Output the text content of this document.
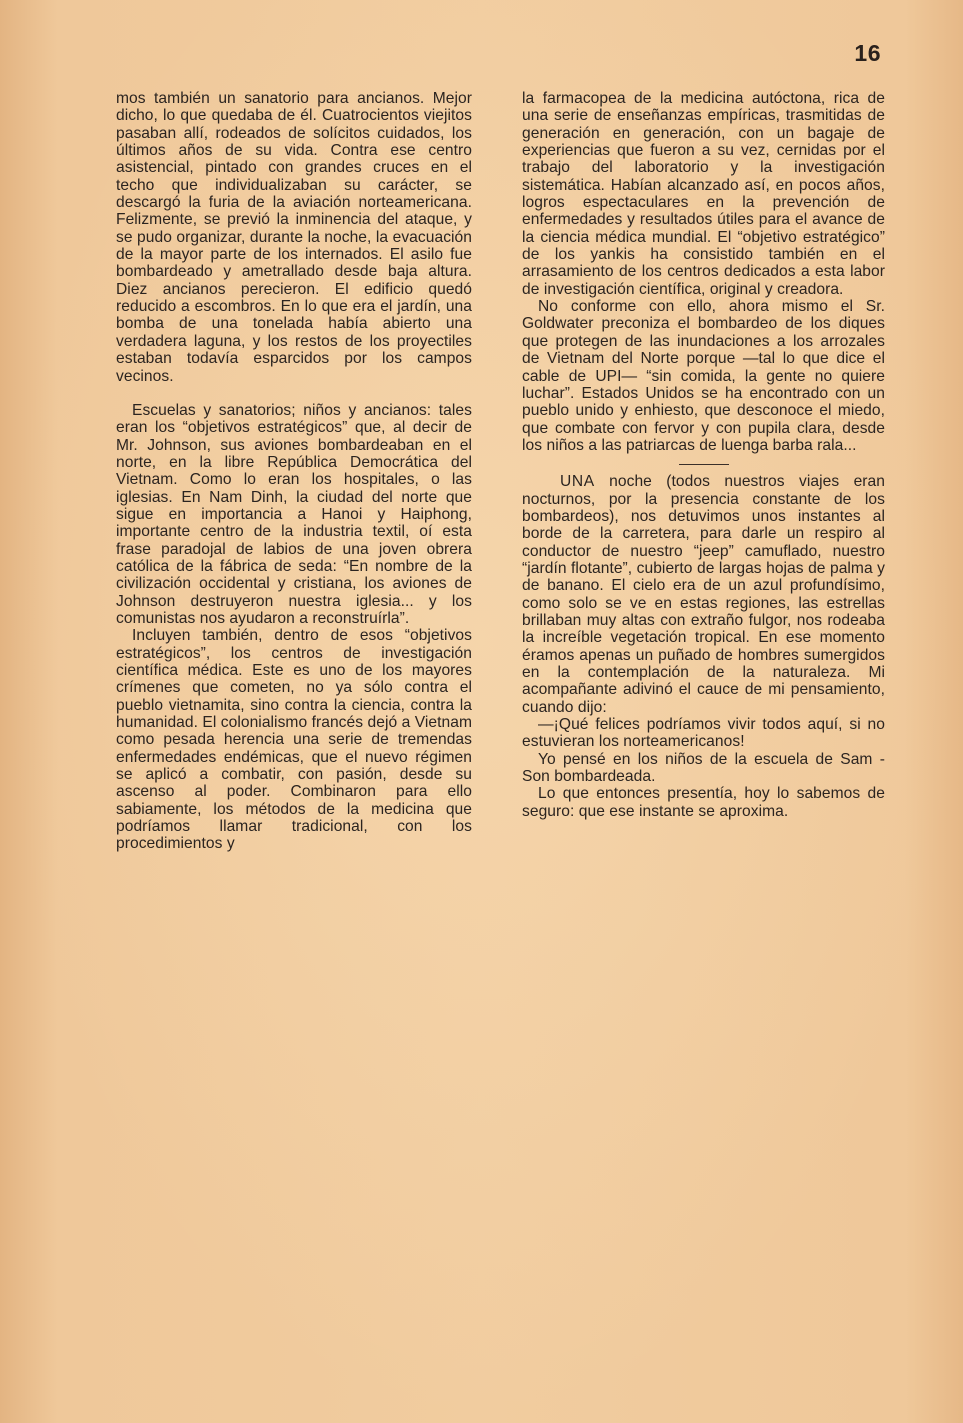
16

mos también un sanatorio para ancianos. Mejor dicho, lo que quedaba de él. Cuatrocientos viejitos pasaban allí, rodeados de solícitos cuidados, los últimos años de su vida. Contra ese centro asistencial, pintado con grandes cruces en el techo que individualizaban su carácter, se descargó la furia de la aviación norteamericana. Felizmente, se previó la inminencia del ataque, y se pudo organizar, durante la noche, la evacuación de la mayor parte de los internados. El asilo fue bombardeado y ametrallado desde baja altura. Diez ancianos perecieron. El edificio quedó reducido a escombros. En lo que era el jardín, una bomba de una tonelada había abierto una verdadera laguna, y los restos de los proyectiles estaban todavía esparcidos por los campos vecinos.

Escuelas y sanatorios; niños y ancianos: tales eran los “objetivos estratégicos” que, al decir de Mr. Johnson, sus aviones bombardeaban en el norte, en la libre República Democrática del Vietnam. Como lo eran los hospitales, o las iglesias. En Nam Dinh, la ciudad del norte que sigue en importancia a Hanoi y Haiphong, importante centro de la industria textil, oí esta frase paradojal de labios de una joven obrera católica de la fábrica de seda: “En nombre de la civilización occidental y cristiana, los aviones de Johnson destruyeron nuestra iglesia... y los comunistas nos ayudaron a reconstruírla”.

Incluyen también, dentro de esos “objetivos estratégicos”, los centros de investigación científica médica. Este es uno de los mayores crímenes que cometen, no ya sólo contra el pueblo vietnamita, sino contra la ciencia, contra la humanidad. El colonialismo francés dejó a Vietnam como pesada herencia una serie de tremendas enfermedades endémicas, que el nuevo régimen se aplicó a combatir, con pasión, desde su ascenso al poder. Combinaron para ello sabiamente, los métodos de la medicina que podríamos llamar tradicional, con los procedimientos y

la farmacopea de la medicina autóctona, rica de una serie de enseñanzas empíricas, trasmitidas de generación en generación, con un bagaje de experiencias que fueron a su vez, cernidas por el trabajo del laboratorio y la investigación sistemática. Habían alcanzado así, en pocos años, logros espectaculares en la prevención de enfermedades y resultados útiles para el avance de la ciencia médica mundial. El “objetivo estratégico” de los yankis ha consistido también en el arrasamiento de los centros dedicados a esta labor de investigación científica, original y creadora.

No conforme con ello, ahora mismo el Sr. Goldwater preconiza el bombardeo de los diques que protegen de las inundaciones a los arrozales de Vietnam del Norte porque —tal lo que dice el cable de UPI— “sin comida, la gente no quiere luchar”. Estados Unidos se ha encontrado con un pueblo unido y enhiesto, que desconoce el miedo, que combate con fervor y con pupila clara, desde los niños a las patriarcas de luenga barba rala...

UNA noche (todos nuestros viajes eran nocturnos, por la presencia constante de los bombardeos), nos detuvimos unos instantes al borde de la carretera, para darle un respiro al conductor de nuestro “jeep” camuflado, nuestro “jardín flotante”, cubierto de largas hojas de palma y de banano. El cielo era de un azul profundísimo, como solo se ve en estas regiones, las estrellas brillaban muy altas con extraño fulgor, nos rodeaba la increíble vegetación tropical. En ese momento éramos apenas un puñado de hombres sumergidos en la contemplación de la naturaleza. Mi acompañante adivinó el cauce de mi pensamiento, cuando dijo:

—¡Qué felices podríamos vivir todos aquí, si no estuvieran los norteamericanos!

Yo pensé en los niños de la escuela de Sam - Son bombardeada.

Lo que entonces presentía, hoy lo sabemos de seguro: que ese instante se aproxima.
